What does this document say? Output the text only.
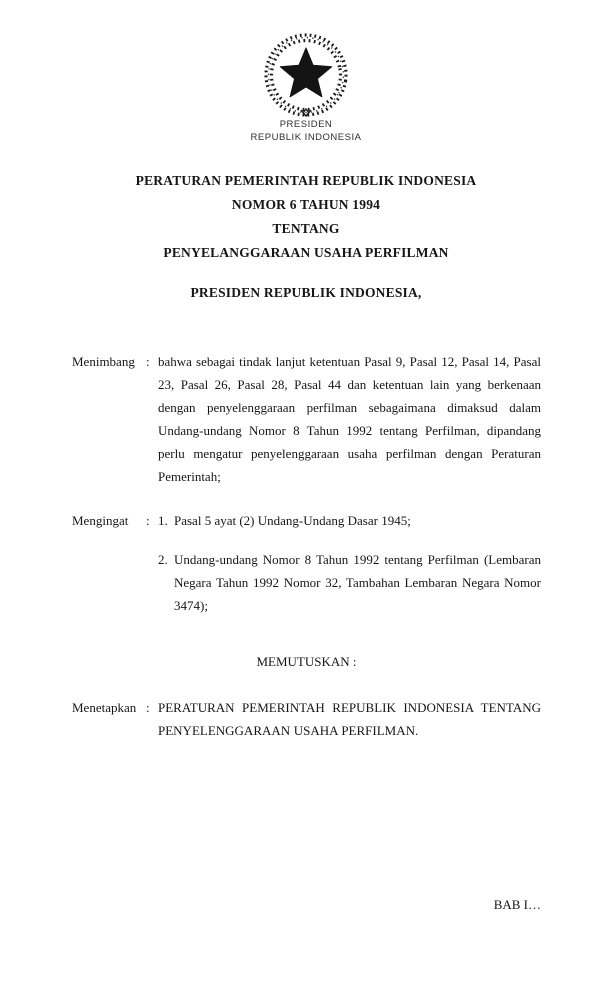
PRESIDEN
REPUBLIK INDONESIA
PERATURAN PEMERINTAH REPUBLIK INDONESIA
NOMOR 6 TAHUN 1994
TENTANG
PENYELANGGARAAN USAHA PERFILMAN
PRESIDEN REPUBLIK INDONESIA,
Menimbang : bahwa sebagai tindak lanjut ketentuan Pasal 9, Pasal 12, Pasal 14, Pasal 23, Pasal 26, Pasal 28, Pasal 44 dan ketentuan lain yang berkenaan dengan penyelenggaraan perfilman sebagaimana dimaksud dalam Undang-undang Nomor 8 Tahun 1992 tentang Perfilman, dipandang perlu mengatur penyelenggaraan usaha perfilman dengan Peraturan Pemerintah;
Mengingat	: 1. Pasal 5 ayat (2) Undang-Undang Dasar 1945;
2. Undang-undang Nomor 8 Tahun 1992 tentang Perfilman (Lembaran Negara Tahun 1992 Nomor 32, Tambahan Lembaran Negara Nomor 3474);
MEMUTUSKAN :
Menetapkan : PERATURAN PEMERINTAH REPUBLIK INDONESIA TENTANG PENYELENGGARAAN USAHA PERFILMAN.
BAB I…
